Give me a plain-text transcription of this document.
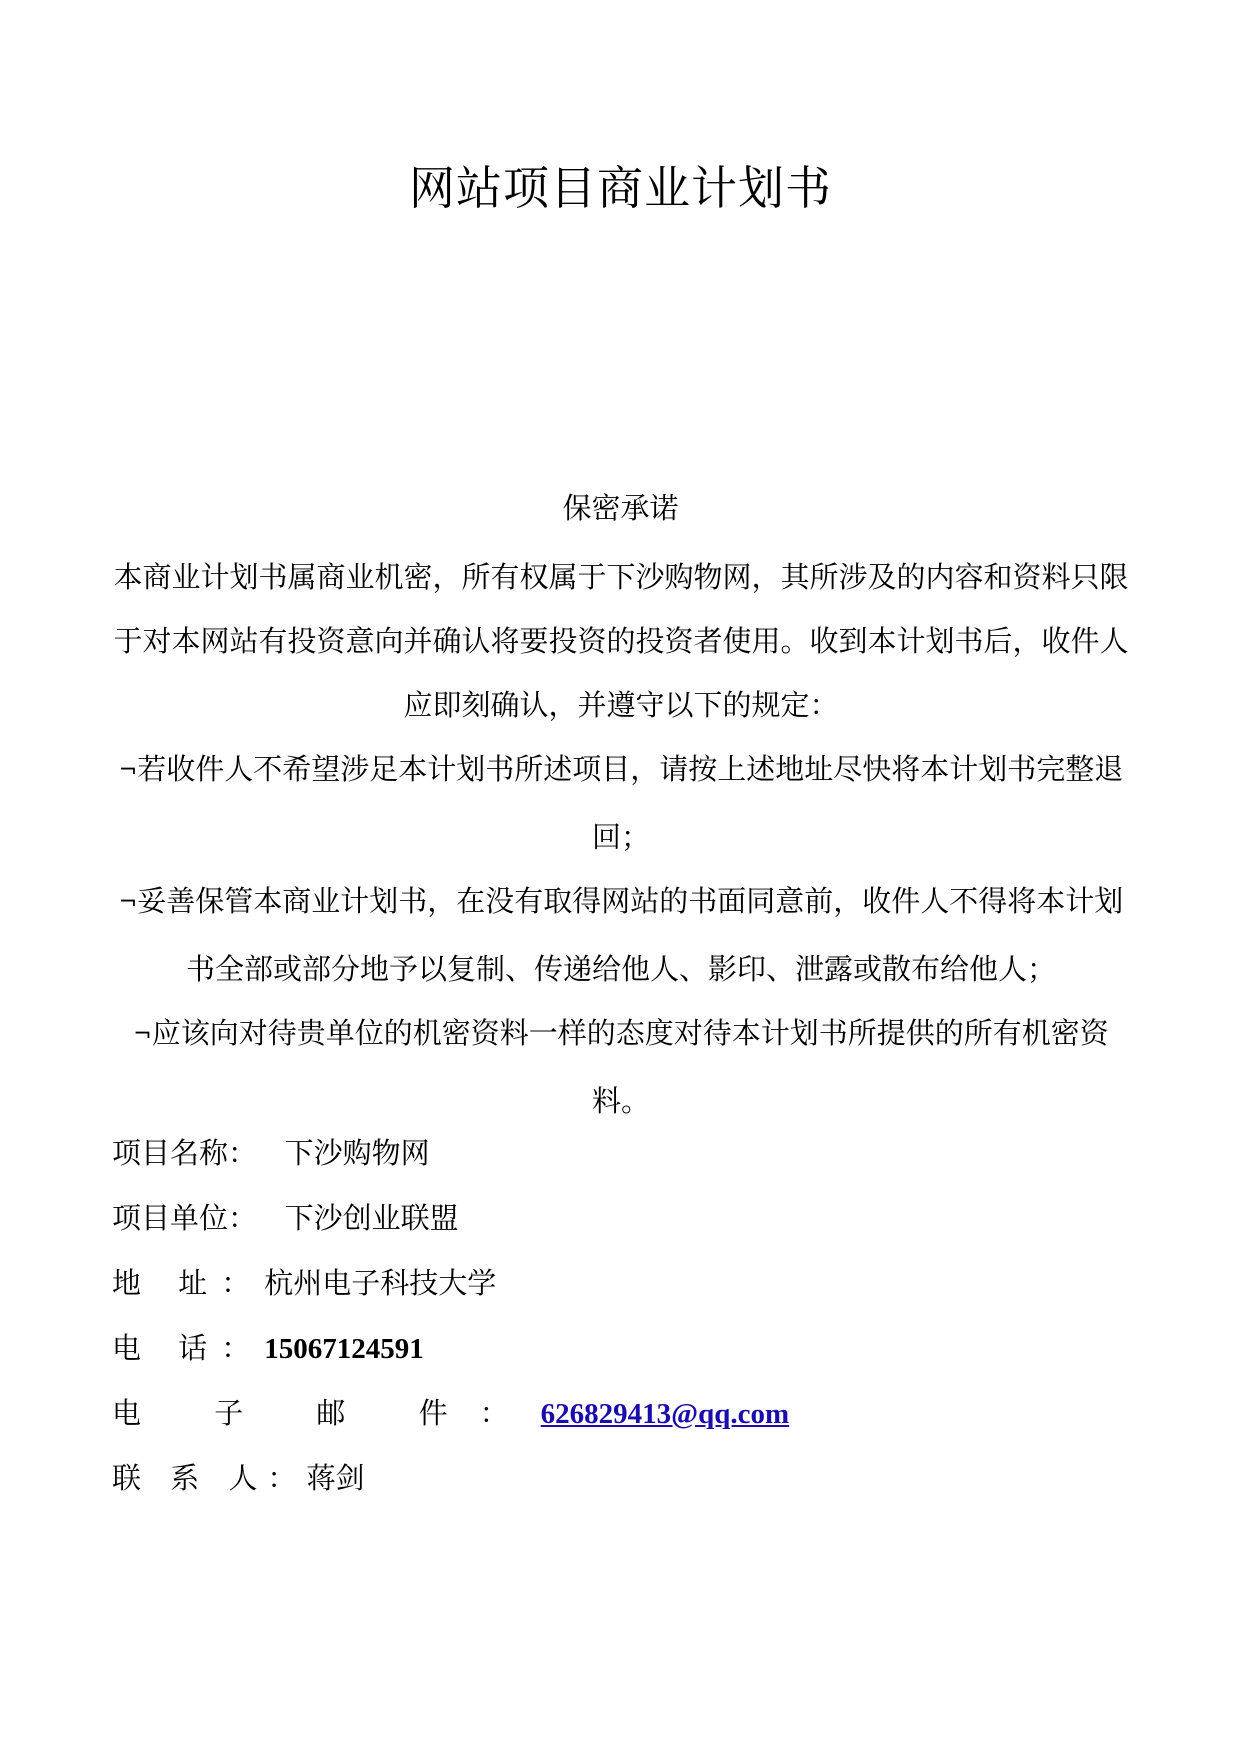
网站项目商业计划书
保密承诺
本商业计划书属商业机密，所有权属于下沙购物网，其所涉及的内容和资料只限于对本网站有投资意向并确认将要投资的投资者使用。收到本计划书后，收件人应即刻确认，并遵守以下的规定：
¬若收件人不希望涉足本计划书所述项目，请按上述地址尽快将本计划书完整退回；
¬妥善保管本商业计划书，在没有取得网站的书面同意前，收件人不得将本计划书全部或部分地予以复制、传递给他人、影印、泄露或散布给他人；
¬应该向对待贵单位的机密资料一样的态度对待本计划书所提供的所有机密资料。
项目名称： 下沙购物网
项目单位： 下沙创业联盟
地 址：杭州电子科技大学
电 话：15067124591
电 子 邮 件：626829413@qq.com
联 系 人：蒋剑
